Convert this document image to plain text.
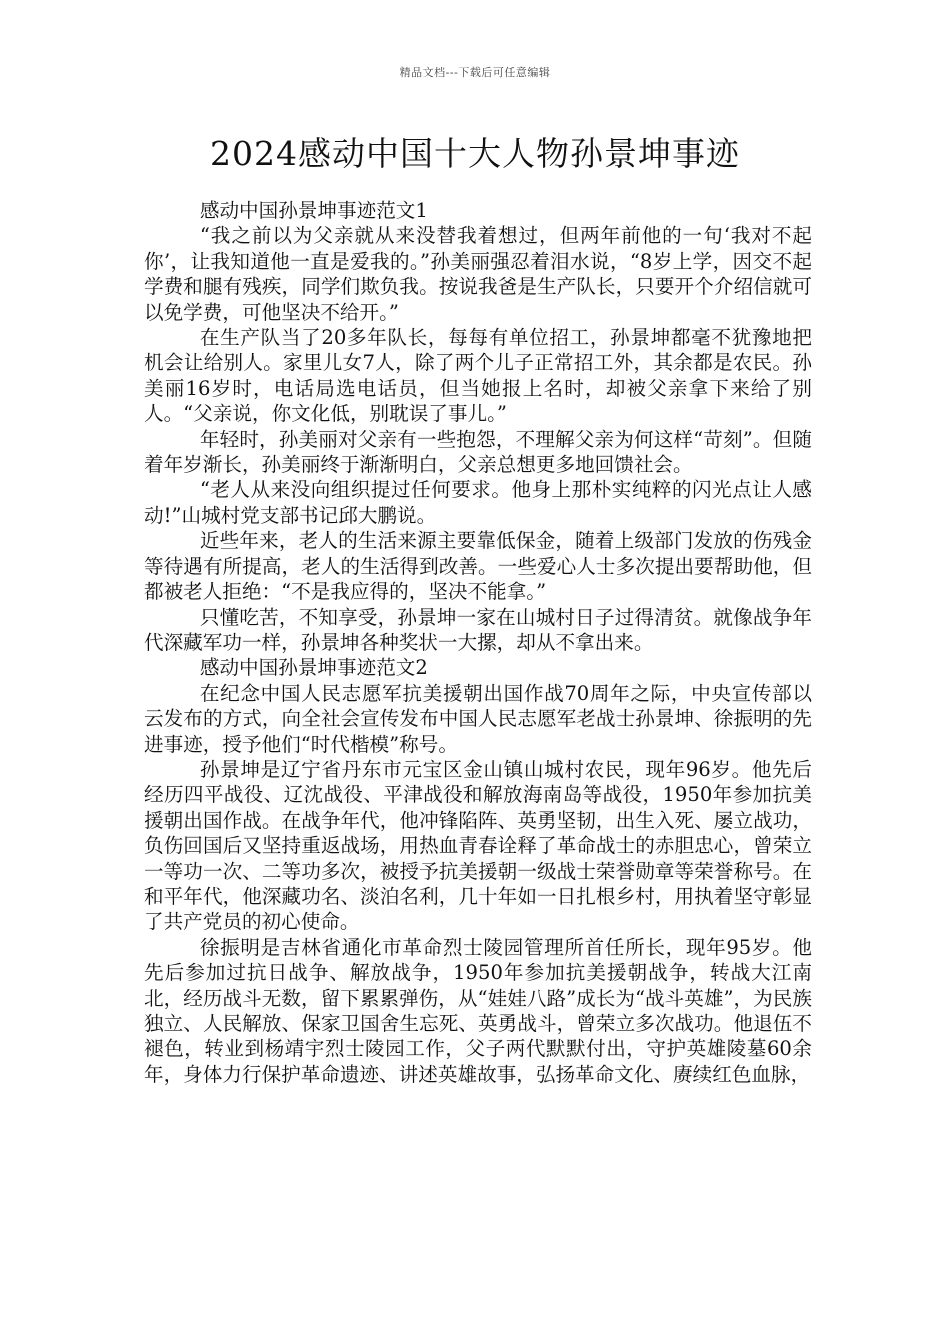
精品文档---下载后可任意编辑
2024感动中国十大人物孙景坤事迹

感动中国孙景坤事迹范文1

“我之前以为父亲就从来没替我着想过，但两年前他的一句‘我对不起你’，让我知道他一直是爱我的。”孙美丽强忍着泪水说，“8岁上学，因交不起学费和腿有残疾，同学们欺负我。按说我爸是生产队长，只要开个介绍信就可以免学费，可他坚决不给开。”

在生产队当了20多年队长，每每有单位招工，孙景坤都毫不犹豫地把机会让给别人。家里儿女7人，除了两个儿子正常招工外，其余都是农民。孙美丽16岁时，电话局选电话员，但当她报上名时，却被父亲拿下来给了别人。“父亲说，你文化低，别耽误了事儿。”

年轻时，孙美丽对父亲有一些抱怨，不理解父亲为何这样“苛刻”。但随着年岁渐长，孙美丽终于渐渐明白，父亲总想更多地回馈社会。

“老人从来没向组织提过任何要求。他身上那朴实纯粹的闪光点让人感动!”山城村党支部书记邱大鹏说。

近些年来，老人的生活来源主要靠低保金，随着上级部门发放的伤残金等待遇有所提高，老人的生活得到改善。一些爱心人士多次提出要帮助他，但都被老人拒绝：“不是我应得的，坚决不能拿。”

只懂吃苦，不知享受，孙景坤一家在山城村日子过得清贫。就像战争年代深藏军功一样，孙景坤各种奖状一大摞，却从不拿出来。

感动中国孙景坤事迹范文2

在纪念中国人民志愿军抗美援朝出国作战70周年之际，中央宣传部以云发布的方式，向全社会宣传发布中国人民志愿军老战士孙景坤、徐振明的先进事迹，授予他们“时代楷模”称号。

孙景坤是辽宁省丹东市元宝区金山镇山城村农民，现年96岁。他先后经历四平战役、辽沈战役、平津战役和解放海南岛等战役，1950年参加抗美援朝出国作战。在战争年代，他冲锋陷阵、英勇坚韧，出生入死、屡立战功，负伤回国后又坚持重返战场，用热血青春诠释了革命战士的赤胆忠心，曾荣立一等功一次、二等功多次，被授予抗美援朝一级战士荣誉勋章等荣誉称号。在和平年代，他深藏功名、淡泊名利，几十年如一日扎根乡村，用执着坚守彰显了共产党员的初心使命。

徐振明是吉林省通化市革命烈士陵园管理所首任所长，现年95岁。他先后参加过抗日战争、解放战争，1950年参加抗美援朝战争，转战大江南北，经历战斗无数，留下累累弹伤，从“娃娃八路”成长为“战斗英雄”，为民族独立、人民解放、保家卫国舍生忘死、英勇战斗，曾荣立多次战功。他退伍不褪色，转业到杨靖宇烈士陵园工作，父子两代默默付出，守护英雄陵墓60余年，身体力行保护革命遗迹、讲述英雄故事，弘扬革命文化、赓续红色血脉，
